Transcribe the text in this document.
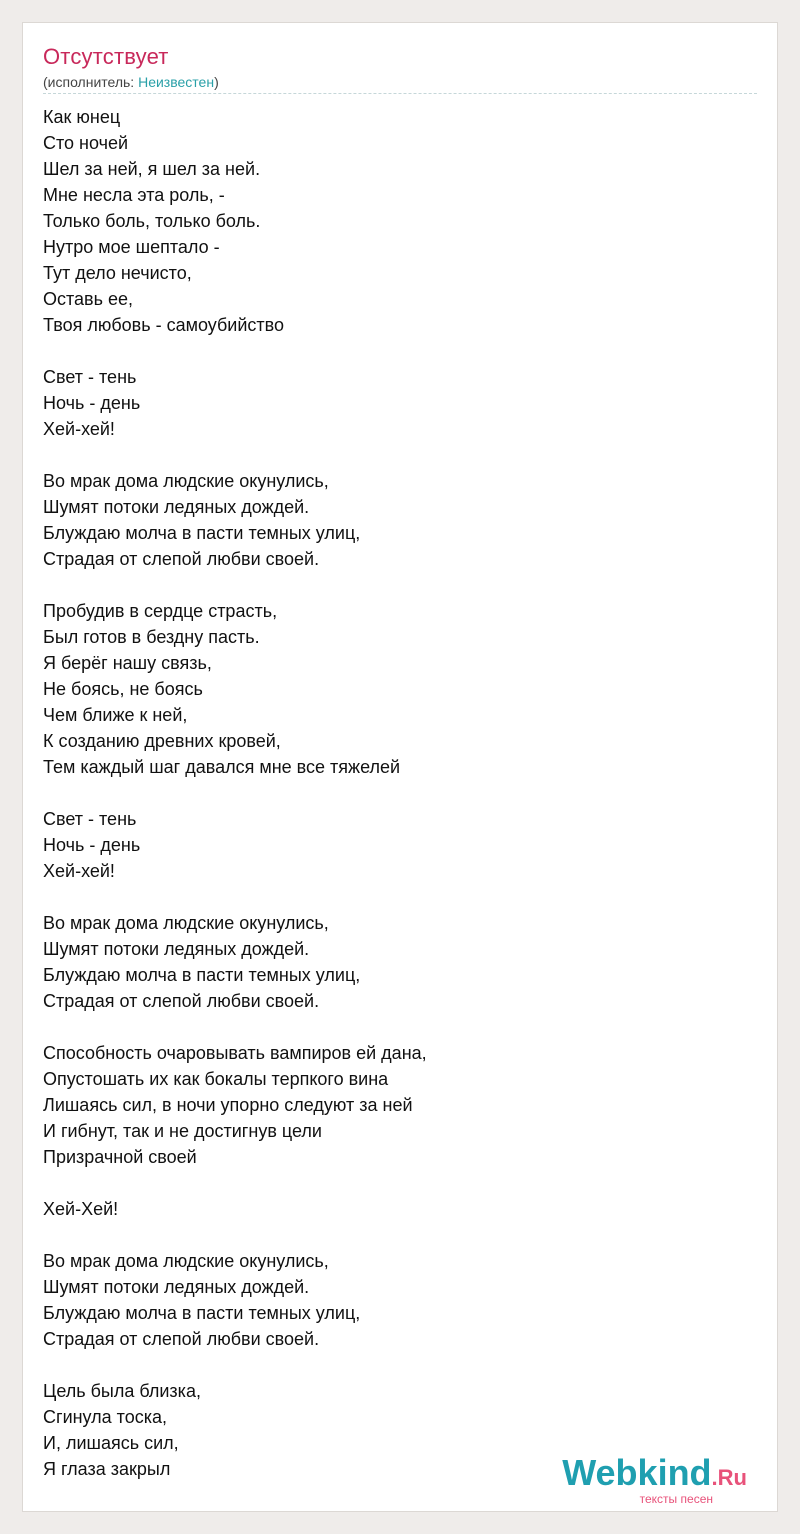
Отсутствует
(исполнитель: Неизвестен)
Как юнец
Сто ночей
Шел за ней, я шел за ней.
Мне несла эта роль, -
Только боль, только боль.
Нутро мое шептало -
Тут дело нечисто,
Оставь ее,
Твоя любовь - самоубийство
Свет - тень
Ночь - день
Хей-хей!
Во мрак дома людские окунулись,
Шумят потоки ледяных дождей.
Блуждаю молча в пасти темных улиц,
Страдая от слепой любви своей.
Пробудив в сердце страсть,
Был готов в бездну пасть.
Я берёг нашу связь,
Не боясь, не боясь
Чем ближе к ней,
К созданию древних кровей,
Тем каждый шаг давался мне все тяжелей
Свет - тень
Ночь - день
Хей-хей!
Во мрак дома людские окунулись,
Шумят потоки ледяных дождей.
Блуждаю молча в пасти темных улиц,
Страдая от слепой любви своей.
Способность очаровывать вампиров ей дана,
Опустошать их как бокалы терпкого вина
Лишаясь сил, в ночи упорно следуют за ней
И гибнут, так и не достигнув цели
Призрачной своей
Хей-Хей!
Во мрак дома людские окунулись,
Шумят потоки ледяных дождей.
Блуждаю молча в пасти темных улиц,
Страдая от слепой любви своей.
Цель была близка,
Сгинула тоска,
И, лишаясь сил,
Я глаза закрыл	Webkind.Ru
тексты песен
